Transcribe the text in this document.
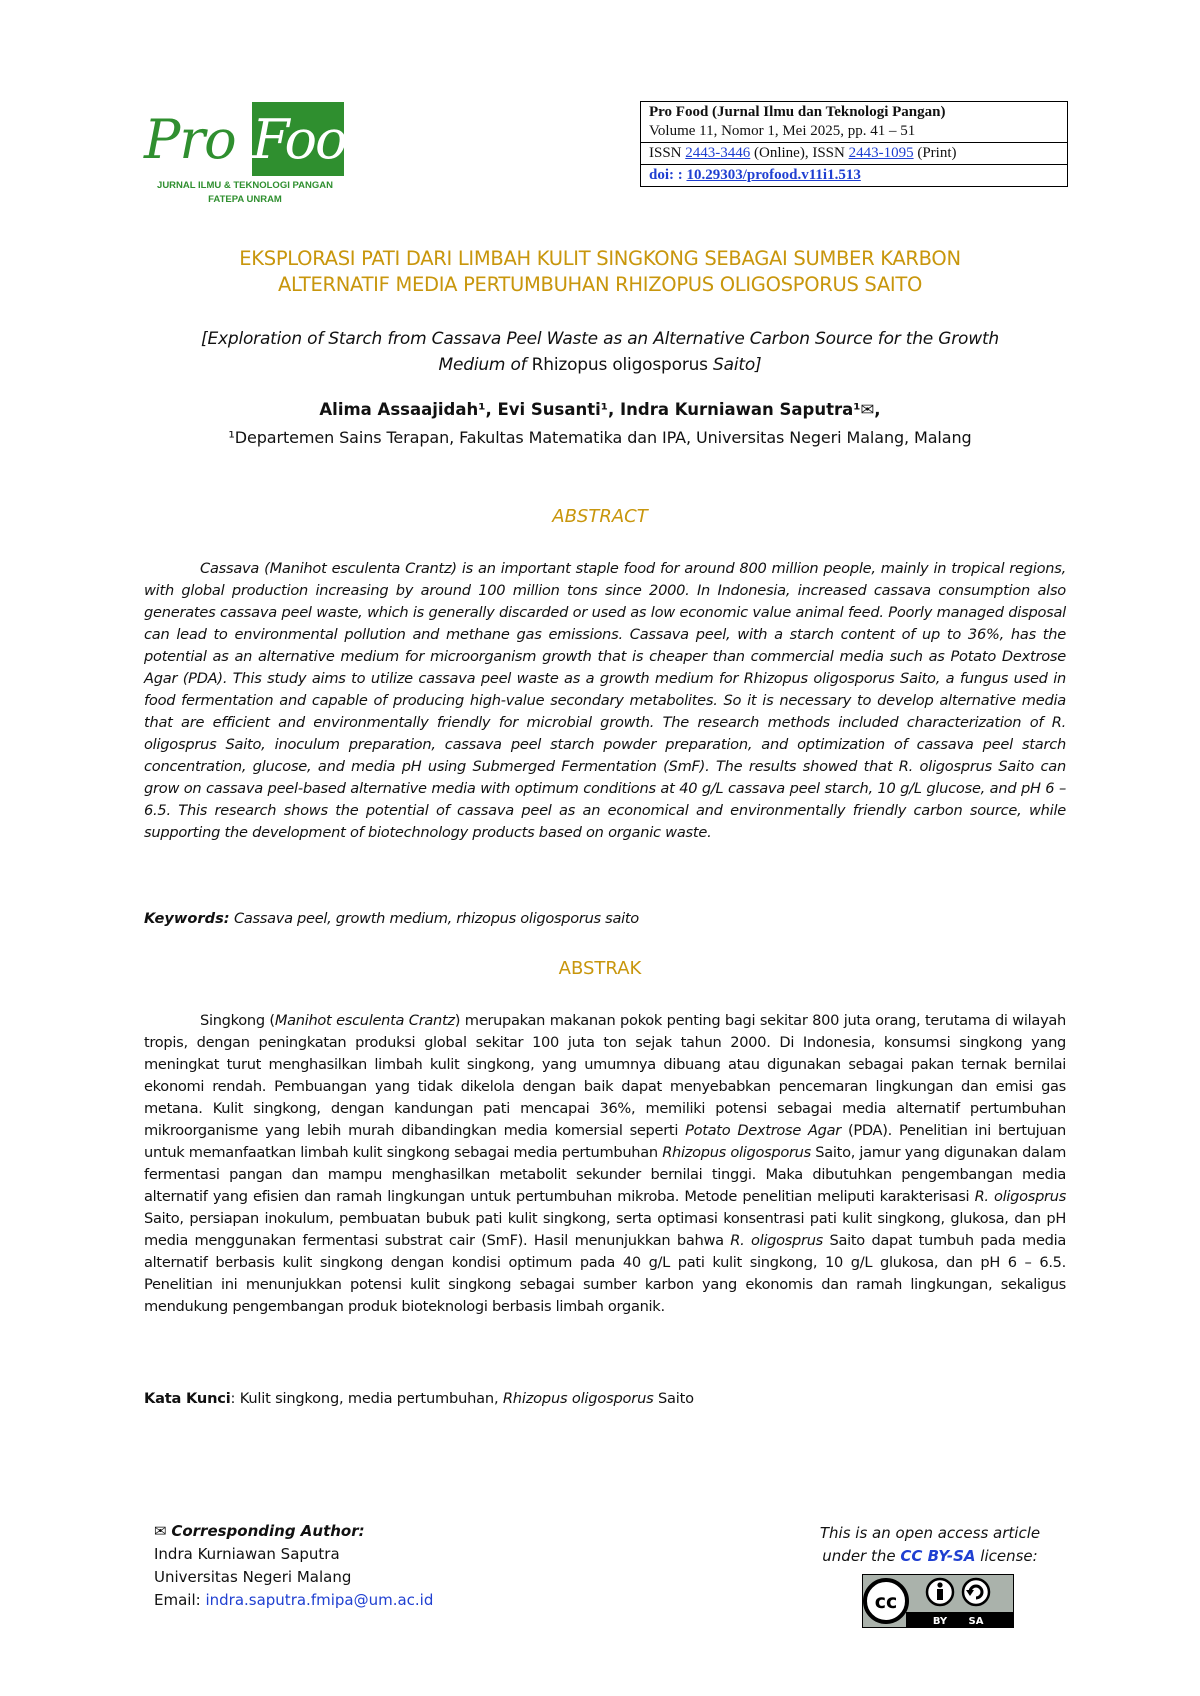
Pro Food
JURNAL ILMU & TEKNOLOGI PANGAN
FATEPA UNRAM
Pro Food (Jurnal Ilmu dan Teknologi Pangan)
Volume 11, Nomor 1, Mei 2025, pp. 41 – 51
ISSN 2443-3446 (Online), ISSN 2443-1095 (Print)
doi: : 10.29303/profood.v11i1.513
EKSPLORASI PATI DARI LIMBAH KULIT SINGKONG SEBAGAI SUMBER KARBON
ALTERNATIF MEDIA PERTUMBUHAN RHIZOPUS OLIGOSPORUS SAITO
[Exploration of Starch from Cassava Peel Waste as an Alternative Carbon Source for the Growth
Medium of Rhizopus oligosporus Saito]
Alima Assaajidah¹, Evi Susanti¹, Indra Kurniawan Saputra¹✉,
¹Departemen Sains Terapan, Fakultas Matematika dan IPA, Universitas Negeri Malang, Malang
ABSTRACT

Cassava (Manihot esculenta Crantz) is an important staple food for around 800 million people, mainly in tropical regions, with global production increasing by around 100 million tons since 2000. In Indonesia, increased cassava consumption also generates cassava peel waste, which is generally discarded or used as low economic value animal feed. Poorly managed disposal can lead to environmental pollution and methane gas emissions. Cassava peel, with a starch content of up to 36%, has the potential as an alternative medium for microorganism growth that is cheaper than commercial media such as Potato Dextrose Agar (PDA). This study aims to utilize cassava peel waste as a growth medium for Rhizopus oligosporus Saito, a fungus used in food fermentation and capable of producing high-value secondary metabolites. So it is necessary to develop alternative media that are efficient and environmentally friendly for microbial growth. The research methods included characterization of R. oligosprus Saito, inoculum preparation, cassava peel starch powder preparation, and optimization of cassava peel starch concentration, glucose, and media pH using Submerged Fermentation (SmF). The results showed that R. oligosprus Saito can grow on cassava peel-based alternative media with optimum conditions at 40 g/L cassava peel starch, 10 g/L glucose, and pH 6 – 6.5. This research shows the potential of cassava peel as an economical and environmentally friendly carbon source, while supporting the development of biotechnology products based on organic waste.

Keywords: Cassava peel, growth medium, rhizopus oligosporus saito
ABSTRAK

Singkong (Manihot esculenta Crantz) merupakan makanan pokok penting bagi sekitar 800 juta orang, terutama di wilayah tropis, dengan peningkatan produksi global sekitar 100 juta ton sejak tahun 2000. Di Indonesia, konsumsi singkong yang meningkat turut menghasilkan limbah kulit singkong, yang umumnya dibuang atau digunakan sebagai pakan ternak bernilai ekonomi rendah. Pembuangan yang tidak dikelola dengan baik dapat menyebabkan pencemaran lingkungan dan emisi gas metana. Kulit singkong, dengan kandungan pati mencapai 36%, memiliki potensi sebagai media alternatif pertumbuhan mikroorganisme yang lebih murah dibandingkan media komersial seperti Potato Dextrose Agar (PDA). Penelitian ini bertujuan untuk memanfaatkan limbah kulit singkong sebagai media pertumbuhan Rhizopus oligosporus Saito, jamur yang digunakan dalam fermentasi pangan dan mampu menghasilkan metabolit sekunder bernilai tinggi. Maka dibutuhkan pengembangan media alternatif yang efisien dan ramah lingkungan untuk pertumbuhan mikroba. Metode penelitian meliputi karakterisasi R. oligosprus Saito, persiapan inokulum, pembuatan bubuk pati kulit singkong, serta optimasi konsentrasi pati kulit singkong, glukosa, dan pH media menggunakan fermentasi substrat cair (SmF). Hasil menunjukkan bahwa R. oligosprus Saito dapat tumbuh pada media alternatif berbasis kulit singkong dengan kondisi optimum pada 40 g/L pati kulit singkong, 10 g/L glukosa, dan pH 6 – 6.5. Penelitian ini menunjukkan potensi kulit singkong sebagai sumber karbon yang ekonomis dan ramah lingkungan, sekaligus mendukung pengembangan produk bioteknologi berbasis limbah organik.

Kata Kunci: Kulit singkong, media pertumbuhan, Rhizopus oligosporus Saito
✉ Corresponding Author:
Indra Kurniawan Saputra
Universitas Negeri Malang
Email: indra.saputra.fmipa@um.ac.id
This is an open access article
under the CC BY-SA license:
cc
BY SA
